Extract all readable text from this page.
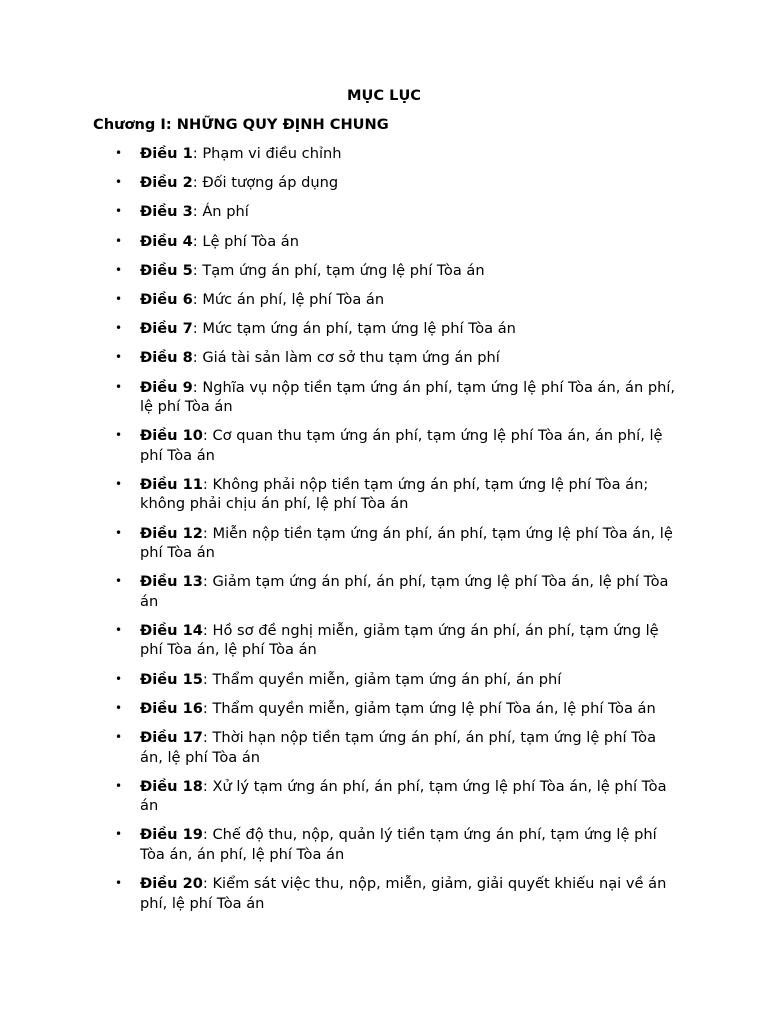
MỤC LỤC
Chương I: NHỮNG QUY ĐỊNH CHUNG
• Điều 1: Phạm vi điều chỉnh
• Điều 2: Đối tượng áp dụng
• Điều 3: Án phí
• Điều 4: Lệ phí Tòa án
• Điều 5: Tạm ứng án phí, tạm ứng lệ phí Tòa án
• Điều 6: Mức án phí, lệ phí Tòa án
• Điều 7: Mức tạm ứng án phí, tạm ứng lệ phí Tòa án
• Điều 8: Giá tài sản làm cơ sở thu tạm ứng án phí
• Điều 9: Nghĩa vụ nộp tiền tạm ứng án phí, tạm ứng lệ phí Tòa án, án phí, lệ phí Tòa án
• Điều 10: Cơ quan thu tạm ứng án phí, tạm ứng lệ phí Tòa án, án phí, lệ phí Tòa án
• Điều 11: Không phải nộp tiền tạm ứng án phí, tạm ứng lệ phí Tòa án; không phải chịu án phí, lệ phí Tòa án
• Điều 12: Miễn nộp tiền tạm ứng án phí, án phí, tạm ứng lệ phí Tòa án, lệ phí Tòa án
• Điều 13: Giảm tạm ứng án phí, án phí, tạm ứng lệ phí Tòa án, lệ phí Tòa án
• Điều 14: Hồ sơ đề nghị miễn, giảm tạm ứng án phí, án phí, tạm ứng lệ phí Tòa án, lệ phí Tòa án
• Điều 15: Thẩm quyền miễn, giảm tạm ứng án phí, án phí
• Điều 16: Thẩm quyền miễn, giảm tạm ứng lệ phí Tòa án, lệ phí Tòa án
• Điều 17: Thời hạn nộp tiền tạm ứng án phí, án phí, tạm ứng lệ phí Tòa án, lệ phí Tòa án
• Điều 18: Xử lý tạm ứng án phí, án phí, tạm ứng lệ phí Tòa án, lệ phí Tòa án
• Điều 19: Chế độ thu, nộp, quản lý tiền tạm ứng án phí, tạm ứng lệ phí Tòa án, án phí, lệ phí Tòa án
• Điều 20: Kiểm sát việc thu, nộp, miễn, giảm, giải quyết khiếu nại về án phí, lệ phí Tòa án
